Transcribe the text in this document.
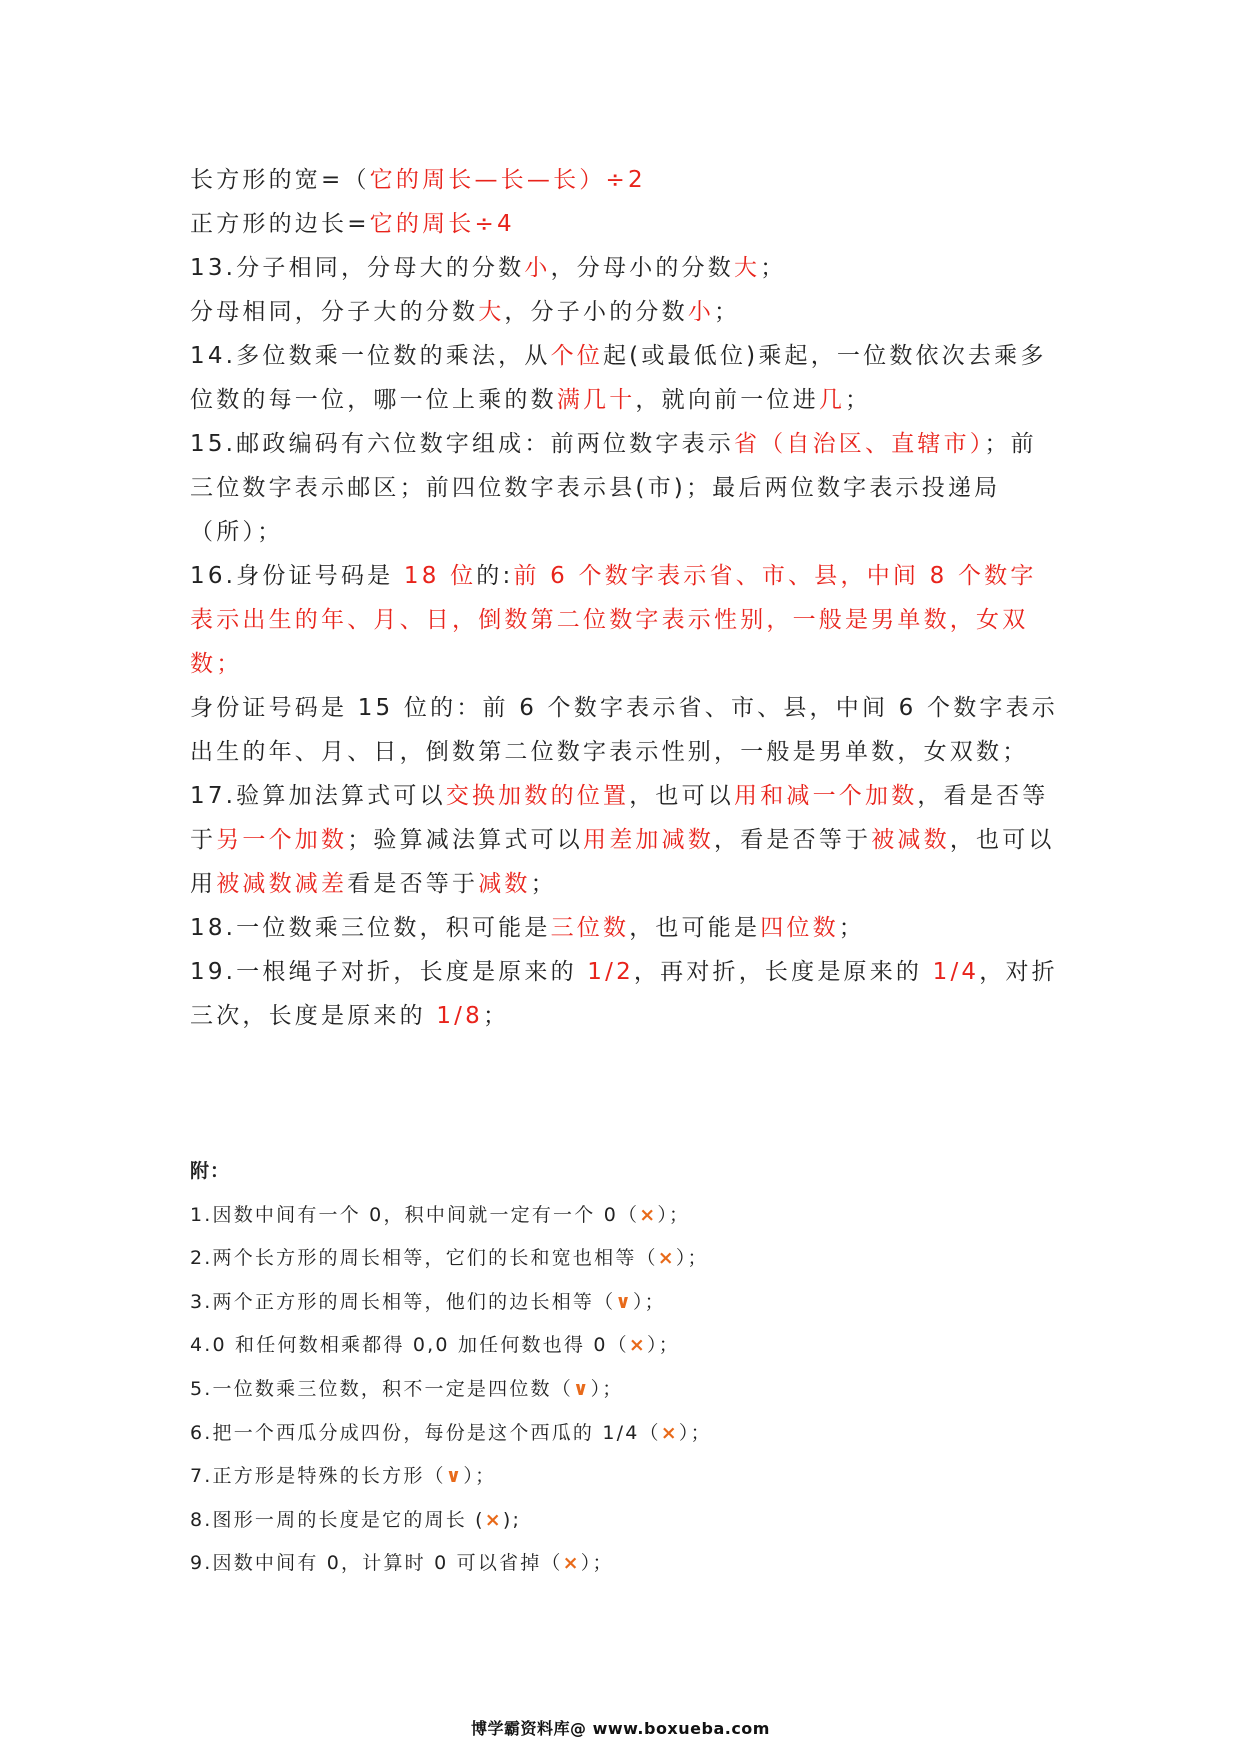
长方形的宽=（它的周长—长—长）÷2

正方形的边长=它的周长÷4

13.分子相同，分母大的分数小，分母小的分数大；

分母相同，分子大的分数大，分子小的分数小；

14.多位数乘一位数的乘法，从个位起(或最低位)乘起，一位数依次去乘多位数的每一位，哪一位上乘的数满几十，就向前一位进几；

15.邮政编码有六位数字组成：前两位数字表示省（自治区、直辖市）；前三位数字表示邮区；前四位数字表示县(市)；最后两位数字表示投递局（所）；

16.身份证号码是 18 位的:前 6 个数字表示省、市、县，中间 8 个数字表示出生的年、月、日，倒数第二位数字表示性别，一般是男单数，女双数；

身份证号码是 15 位的：前 6 个数字表示省、市、县，中间 6 个数字表示出生的年、月、日，倒数第二位数字表示性别，一般是男单数，女双数；

17.验算加法算式可以交换加数的位置，也可以用和减一个加数，看是否等于另一个加数；验算减法算式可以用差加减数，看是否等于被减数，也可以用被减数减差看是否等于减数；

18.一位数乘三位数，积可能是三位数，也可能是四位数；

19.一根绳子对折，长度是原来的 1/2，再对折，长度是原来的 1/4，对折三次，长度是原来的 1/8；

附：

1.因数中间有一个 0，积中间就一定有一个 0（×）；

2.两个长方形的周长相等，它们的长和宽也相等（×）；

3.两个正方形的周长相等，他们的边长相等（∨）；

4.0 和任何数相乘都得 0,0 加任何数也得 0（×）；

5.一位数乘三位数，积不一定是四位数（∨）；

6.把一个西瓜分成四份，每份是这个西瓜的 1/4（×）；

7.正方形是特殊的长方形（∨）；

8.图形一周的长度是它的周长 (×);

9.因数中间有 0，计算时 0 可以省掉（×）；

博学霸资料库@ www.boxueba.com
